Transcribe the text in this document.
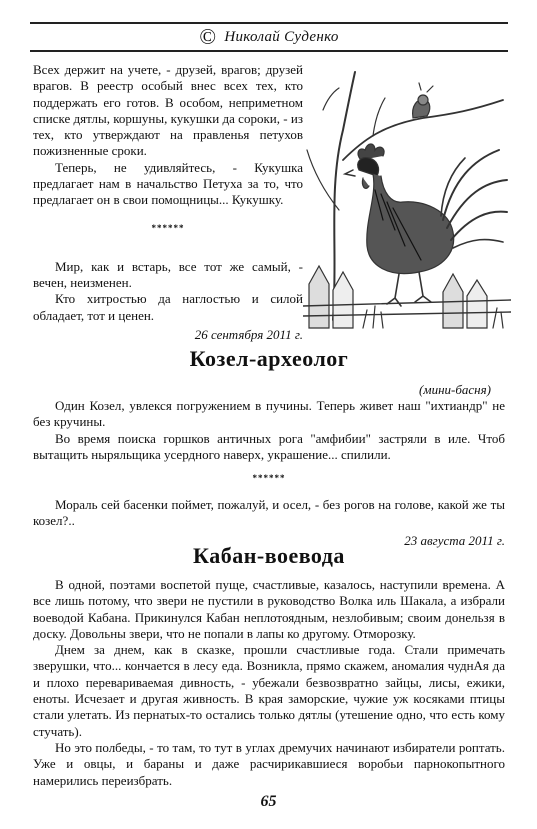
© Николай Суденко

Всех держит на учете, - друзей, врагов; друзей врагов. В реестр особый внес всех тех, кто поддержать его готов. В особом, неприметном списке дятлы, коршуны, кукушки да сороки, - из тех, кто утверждают на правленья петухов пожизненные сроки.

Теперь, не удивляйтесь, - Кукушка предлагает нам в начальство Петуха за то, что предлагает он в свои помощницы... Кукушку.

******

Мир, как и встарь, все тот же самый, - вечен, неизменен.

Кто хитростью да наглостью и силой обладает, тот и ценен.

26 сентября 2011 г.
Козел-археолог
(мини-басня)

Один Козел, увлекся погружением в пучины. Теперь живет наш "ихтиандр" не без кручины.

Во время поиска горшков античных рога "амфибии" застряли в иле. Чтоб вытащить ныряльщика усердного наверх, украшение... спилили.

******

Мораль сей басенки поймет, пожалуй, и осел, - без рогов на голове, какой же ты козел?..

23 августа 2011 г.
Кабан-воевода

В одной, поэтами воспетой пуще, счастливые, казалось, наступили времена. А все лишь потому, что звери не пустили в руководство Волка иль Шакала, а избрали воеводой Кабана. Прикинулся Кабан неплотоядным, незлобивым; своим донельзя в доску. Довольны звери, что не попали в лапы ко другому. Отморозку.

Днем за днем, как в сказке, прошли счастливые года. Стали примечать зверушки, что... кончается в лесу еда. Возникла, прямо скажем, аномалия чуднАя да и плохо перевариваемая дивность, - убежали безвозвратно зайцы, лисы, ежики, еноты. Исчезает и другая живность. В края заморские, чужие уж косяками птицы стали улетать. Из пернатых-то остались только дятлы (утешение одно, что есть кому стучать).

Но это полбеды, - то там, то тут в углах дремучих начинают избиратели роптать. Уже и овцы, и бараны и даже расчирикавшиеся воробьи парнокопытного намерились переизбрать.

65
